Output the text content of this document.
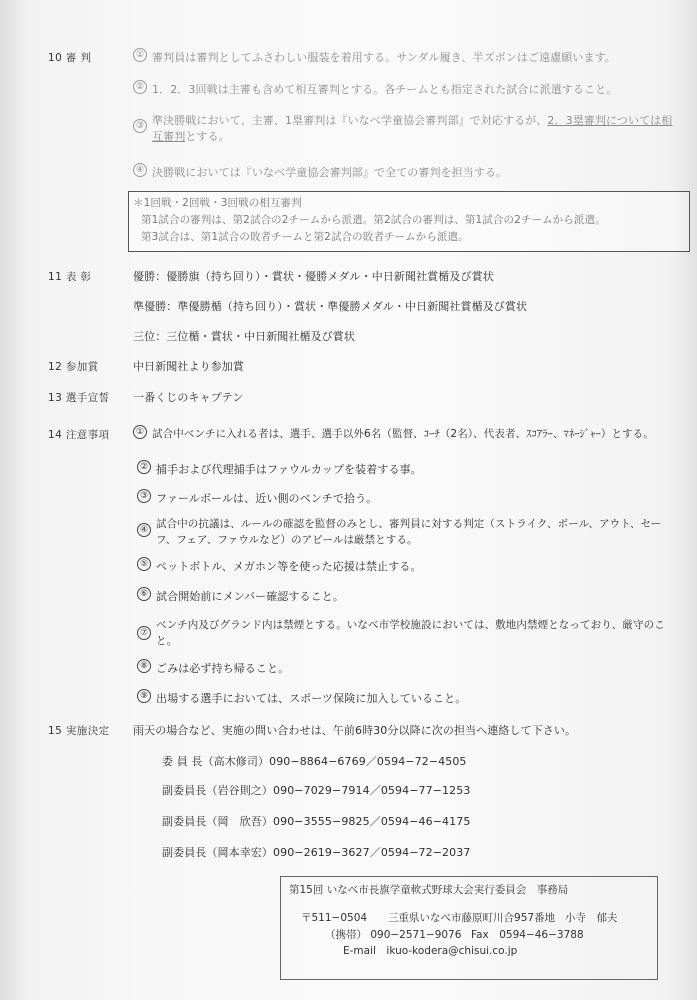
10 審 判	① 審判員は審判としてふさわしい服装を着用する。サンダル履き、半ズボンはご遠慮願います。
② 1．2．3回戦は主審も含めて相互審判とする。各チームとも指定された試合に派遣すること。
③ 準決勝戦において、主審、1塁審判は『いなべ学童協会審判部』で対応するが、2．3塁審判については相
互審判とする。
④ 決勝戦においては『いなべ学童協会審判部』で全ての審判を担当する。
＊1回戦・2回戦・3回戦の相互審判
第1試合の審判は、第2試合の2チームから派遣。第2試合の審判は、第1試合の2チームから派遣。
第3試合は、第1試合の敗者チームと第2試合の敗者チームから派遣。
11 表 彰	優勝：優勝旗（持ち回り）・賞状・優勝メダル・中日新聞社賞楯及び賞状
準優勝：準優勝楯（持ち回り）・賞状・準優勝メダル・中日新聞社賞楯及び賞状
三位：三位楯・賞状・中日新聞社楯及び賞状
12 参加賞	中日新聞社より参加賞
13 選手宣誓 一番くじのキャプテン
14 注意事項	① 試合中ベンチに入れる者は、選手、選手以外6名（監督、ｺｰﾁ（2名）、代表者、ｽｺｱﾗｰ、ﾏﾈｰｼﾞｬｰ）とする。
② 捕手および代理捕手はファウルカップを装着する事。
③ ファールボールは、近い側のベンチで拾う。
④ 試合中の抗議は、ルールの確認を監督のみとし、審判員に対する判定（ストライク、ボール、アウト、セー
フ、フェア、ファウルなど）のアピールは厳禁とする。
⑤ ペットボトル、メガホン等を使った応援は禁止する。
⑥ 試合開始前にメンバー確認すること。
⑦
ベンチ内及びグランド内は禁煙とする。いなべ市学校施設においては、敷地内禁煙となっており、厳守のこ
と。
⑧ ごみは必ず持ち帰ること。
⑨ 出場する選手においては、スポーツ保険に加入していること。
15 実施決定 雨天の場合など、実施の問い合わせは、午前6時30分以降に次の担当へ連絡して下さい。
委 員 長（高木修司）090−8864−6769／0594−72−4505
副委員長（岩谷則之）090−7029−7914／0594−77−1253
副委員長（岡　欣吾）090−3555−9825／0594−46−4175
副委員長（岡本幸宏）090−2619−3627／0594−72−2037
第15回 いなべ市長旗学童軟式野球大会実行委員会　事務局
〒511−0504　　三重県いなべ市藤原町川合957番地 小寺　郁夫
（携帯） 090−2571−9076 Fax　0594−46−3788
E-mail　ikuo-kodera@chisui.co.jp
